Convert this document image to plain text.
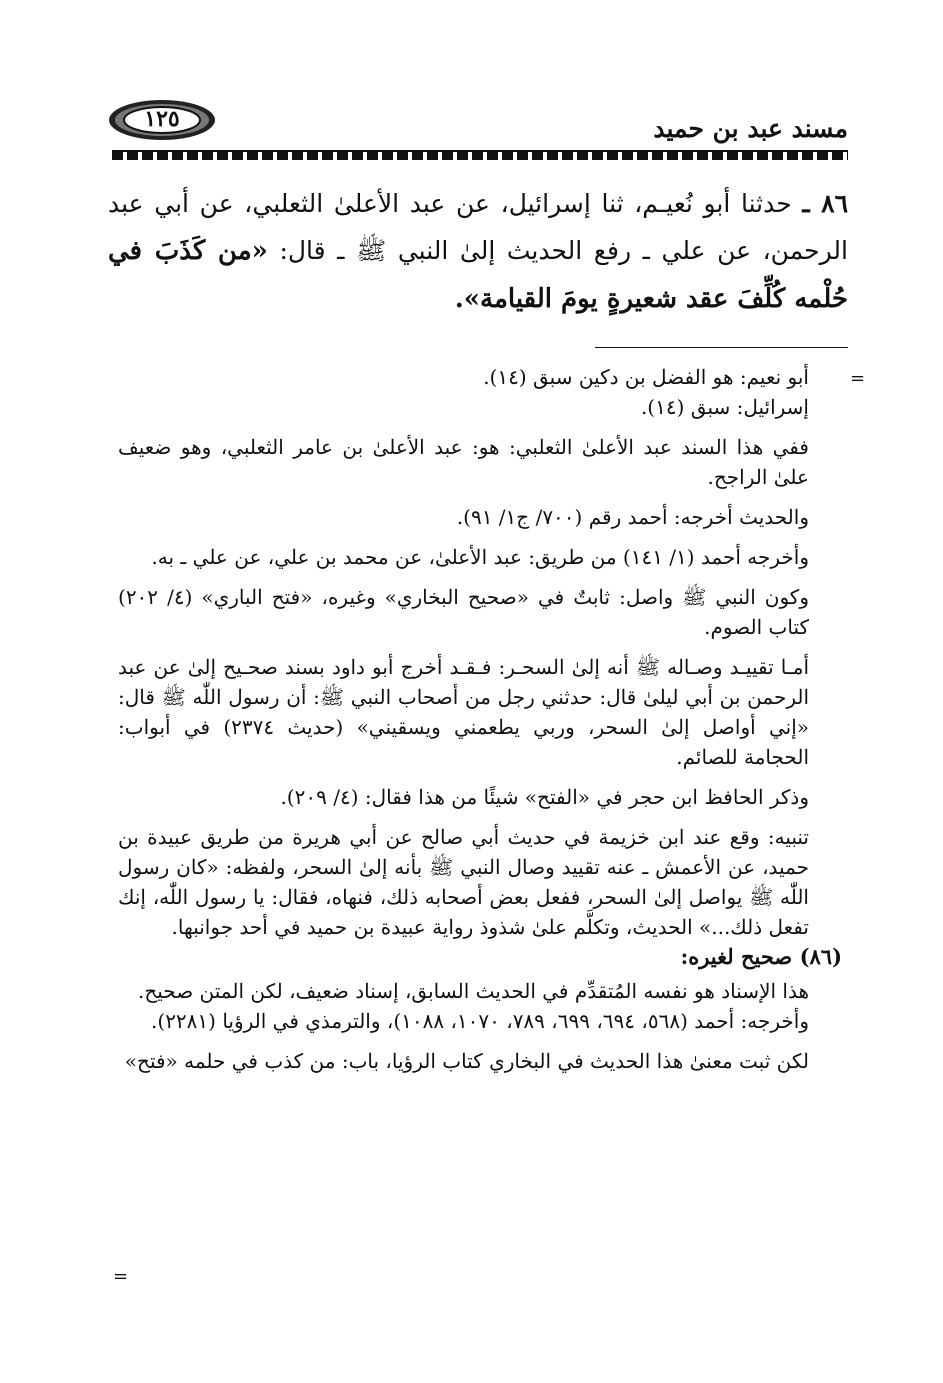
مسند عبد بن حميد
١٢٥
٨٦ ـ حدثنا أبو نُعيـم، ثنا إسرائيل، عن عبد الأعلىٰ الثعلبي، عن أبي عبد الرحمن، عن علي ـ رفع الحديث إلىٰ النبي ﷺ ـ قال: «من كَذَبَ في حُلْمه كُلِّفَ عقد شعيرةٍ يومَ القيامة».
=

أبو نعيم: هو الفضل بن دكين سبق (١٤).

إسرائيل: سبق (١٤).

ففي هذا السند عبد الأعلىٰ الثعلبي: هو: عبد الأعلىٰ بن عامر الثعلبي، وهو ضعيف علىٰ الراجح.

والحديث أخرجه: أحمد رقم (٧٠٠/ ج١/ ٩١).

وأخرجه أحمد (١/ ١٤١) من طريق: عبد الأعلىٰ، عن محمد بن علي، عن علي ـ به.

وكون النبي ﷺ واصل: ثابتٌ في «صحيح البخاري» وغيره، «فتح الباري» (٤/ ٢٠٢) كتاب الصوم.

أمـا تقييـد وصـاله ﷺ أنه إلىٰ السحـر: فـقـد أخرج أبو داود بسند صحـيح إلىٰ عن عبد الرحمن بن أبي ليلىٰ قال: حدثني رجل من أصحاب النبي ﷺ: أن رسول اللّٰه ﷺ قال: «إني أواصل إلىٰ السحر، وربي يطعمني ويسقيني» (حديث ٢٣٧٤) في أبواب: الحجامة للصائم.

وذكر الحافظ ابن حجر في «الفتح» شيئًا من هذا فقال: (٤/ ٢٠٩).

تنبيه: وقع عند ابن خزيمة في حديث أبي صالح عن أبي هريرة من طريق عبيدة بن حميد، عن الأعمش ـ عنه تقييد وصال النبي ﷺ بأنه إلىٰ السحر، ولفظه: «كان رسول اللّٰه ﷺ يواصل إلىٰ السحر، ففعل بعض أصحابه ذلك، فنهاه، فقال: يا رسول اللّٰه، إنك تفعل ذلك...» الحديث، وتكلَّم علىٰ شذوذ رواية عبيدة بن حميد في أحد جوانبها.

(٨٦) صحيح لغيره:

هذا الإسناد هو نفسه المُتقدِّم في الحديث السابق، إسناد ضعيف، لكن المتن صحيح.

وأخرجه: أحمد (٥٦٨، ٦٩٤، ٦٩٩، ٧٨٩، ١٠٧٠، ١٠٨٨)، والترمذي في الرؤيا (٢٢٨١).

لكن ثبت معنىٰ هذا الحديث في البخاري كتاب الرؤيا، باب: من كذب في حلمه «فتح»

=
